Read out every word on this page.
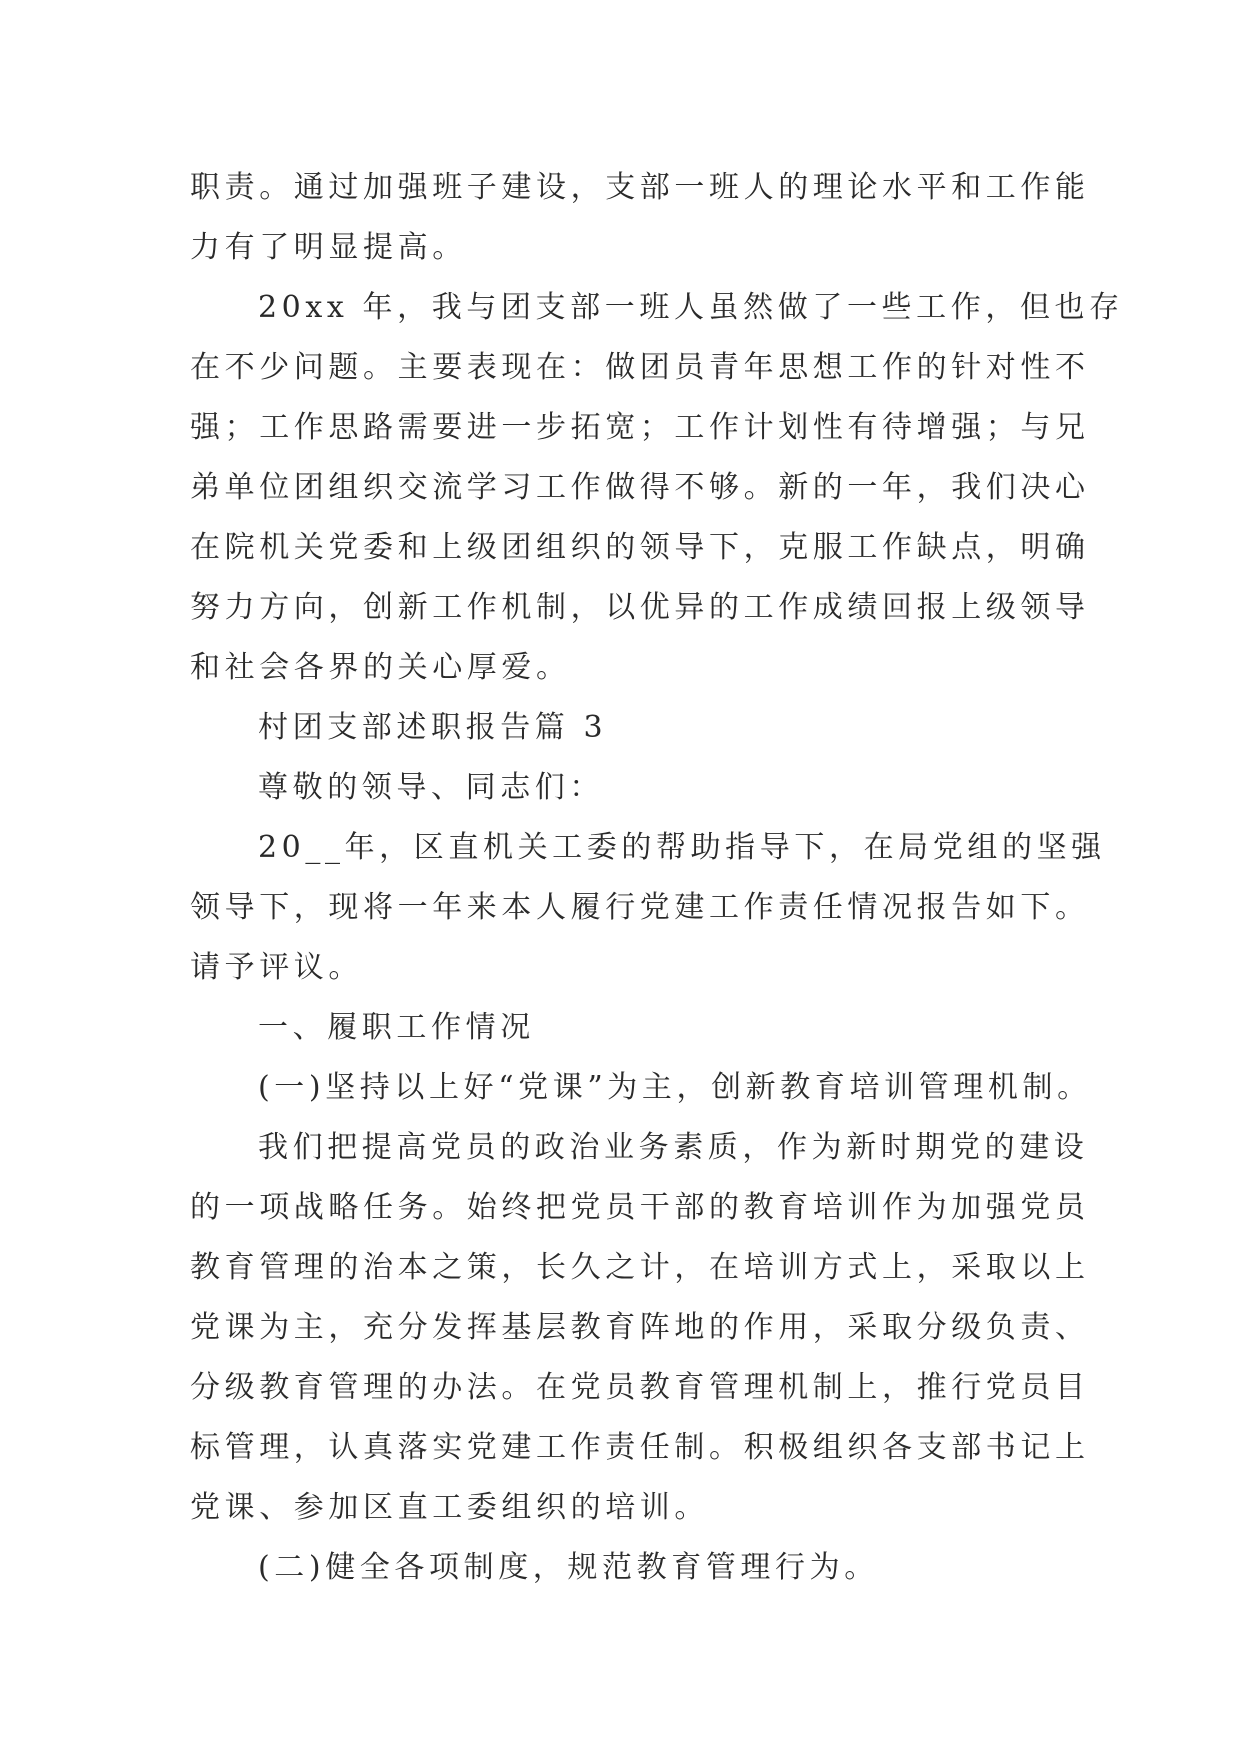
职责。通过加强班子建设，支部一班人的理论水平和工作能
力有了明显提高。
20xx 年，我与团支部一班人虽然做了一些工作，但也存
在不少问题。主要表现在：做团员青年思想工作的针对性不
强；工作思路需要进一步拓宽；工作计划性有待增强；与兄
弟单位团组织交流学习工作做得不够。新的一年，我们决心
在院机关党委和上级团组织的领导下，克服工作缺点，明确
努力方向，创新工作机制，以优异的工作成绩回报上级领导
和社会各界的关心厚爱。
村团支部述职报告篇 3
尊敬的领导、同志们：
20__年，区直机关工委的帮助指导下，在局党组的坚强
领导下，现将一年来本人履行党建工作责任情况报告如下。
请予评议。
一、履职工作情况
(一)坚持以上好“党课”为主，创新教育培训管理机制。
我们把提高党员的政治业务素质，作为新时期党的建设
的一项战略任务。始终把党员干部的教育培训作为加强党员
教育管理的治本之策，长久之计，在培训方式上，采取以上
党课为主，充分发挥基层教育阵地的作用，采取分级负责、
分级教育管理的办法。在党员教育管理机制上，推行党员目
标管理，认真落实党建工作责任制。积极组织各支部书记上
党课、参加区直工委组织的培训。
(二)健全各项制度，规范教育管理行为。
